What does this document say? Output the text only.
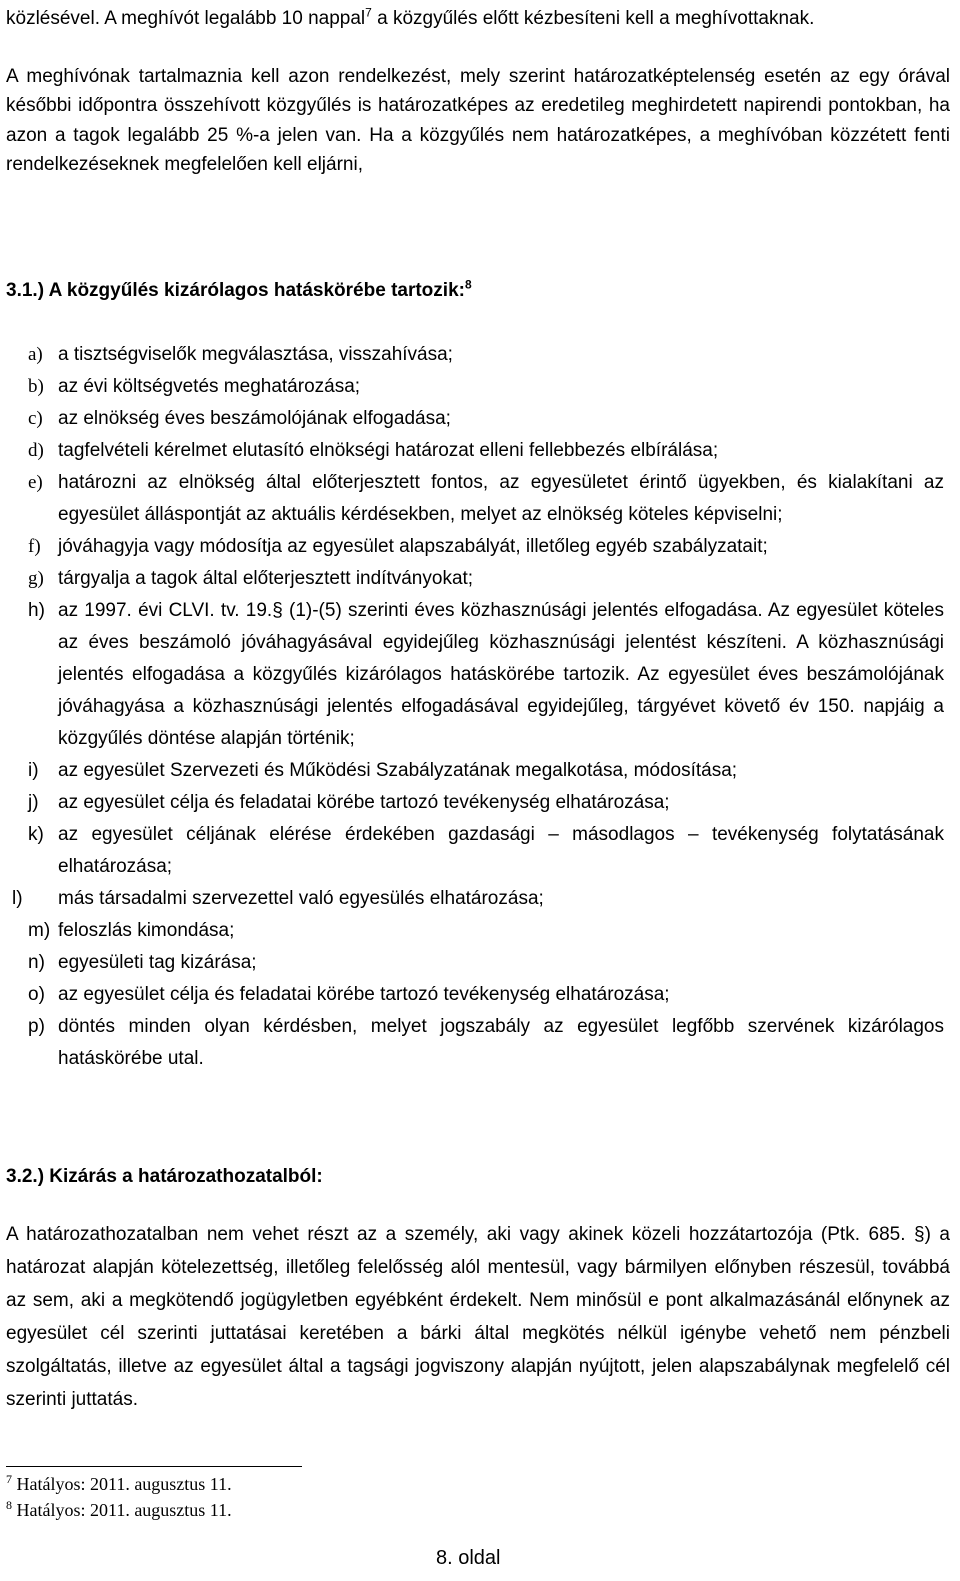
közlésével. A meghívót legalább 10 nappal$^7$ a közgyűlés előtt kézbesíteni kell a meghívottaknak.

A meghívónak tartalmaznia kell azon rendelkezést, mely szerint határozatképtelenség esetén az egy órával későbbi időpontra összehívott közgyűlés is határozatképes az eredetileg meghirdetett napirendi pontokban, ha azon a tagok legalább 25 %-a jelen van. Ha a közgyűlés nem határozatképes, a meghívóban közzétett fenti rendelkezéseknek megfelelően kell eljárni,

3.1.) A közgyűlés kizárólagos hatáskörébe tartozik:$^8$

a) a tisztségviselők megválasztása, visszahívása;
b) az évi költségvetés meghatározása;
c) az elnökség éves beszámolójának elfogadása;
d) tagfelvételi kérelmet elutasító elnökségi határozat elleni fellebbezés elbírálása;
e) határozni az elnökség által előterjesztett fontos, az egyesületet érintő ügyekben, és kialakítani az egyesület álláspontját az aktuális kérdésekben, melyet az elnökség köteles képviselni;
f) jóváhagyja vagy módosítja az egyesület alapszabályát, illetőleg egyéb szabályzatait;
g) tárgyalja a tagok által előterjesztett indítványokat;
h) az 1997. évi CLVI. tv. 19.§ (1)-(5) szerinti éves közhasznúsági jelentés elfogadása. Az egyesület köteles az éves beszámoló jóváhagyásával egyidejűleg közhasznúsági jelentést készíteni. A közhasznúsági jelentés elfogadása a közgyűlés kizárólagos hatáskörébe tartozik. Az egyesület éves beszámolójának jóváhagyása a közhasznúsági jelentés elfogadásával egyidejűleg, tárgyévet követő év 150. napjáig a közgyűlés döntése alapján történik;
i)	az egyesület Szervezeti és Működési Szabályzatának megalkotása, módosítása;
j)	az egyesület célja és feladatai körébe tartozó tevékenység elhatározása;
k) az egyesület céljának elérése érdekében gazdasági – másodlagos – tevékenység folytatásának elhatározása;
l)	más társadalmi szervezettel való egyesülés elhatározása;
m) feloszlás kimondása;
n) egyesületi tag kizárása;
o) az egyesület célja és feladatai körébe tartozó tevékenység elhatározása;
p) döntés minden olyan kérdésben, melyet jogszabály az egyesület legfőbb szervének kizárólagos hatáskörébe utal.

3.2.) Kizárás a határozathozatalból:

A határozathozatalban nem vehet részt az a személy, aki vagy akinek közeli hozzátartozója (Ptk. 685. §) a határozat alapján kötelezettség, illetőleg felelősség alól mentesül, vagy bármilyen előnyben részesül, továbbá az sem, aki a megkötendő jogügyletben egyébként érdekelt. Nem minősül e pont alkalmazásánál előnynek az egyesület cél szerinti juttatásai keretében a bárki által megkötés nélkül igénybe vehető nem pénzbeli szolgáltatás, illetve az egyesület által a tagsági jogviszony alapján nyújtott, jelen alapszabálynak megfelelő cél szerinti juttatás.

$^7$ Hatályos: 2011. augusztus 11.
$^8$ Hatályos: 2011. augusztus 11.
8. oldal
